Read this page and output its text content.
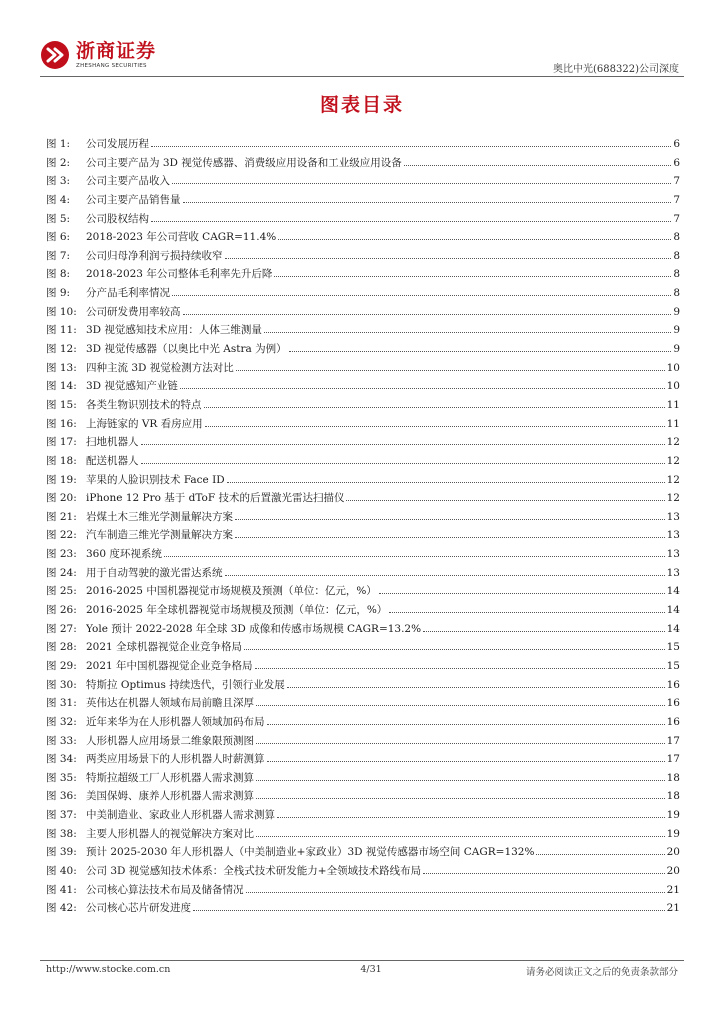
浙商证券
ZHESHANG SECURITIES	奥比中光(688322)公司深度
图表目录
图 1:	公司发展历程	6
图 2:	公司主要产品为 3D 视觉传感器、消费级应用设备和工业级应用设备	6
图 3:	公司主要产品收入	7
图 4:	公司主要产品销售量	7
图 5:	公司股权结构	7
图 6:	2018-2023 年公司营收 CAGR=11.4%	8
图 7:	公司归母净利润亏损持续收窄	8
图 8:	2018-2023 年公司整体毛利率先升后降	8
图 9:	分产品毛利率情况	8
图 10: 公司研发费用率较高	9
图 11: 3D 视觉感知技术应用：人体三维测量	9
图 12: 3D 视觉传感器（以奥比中光 Astra 为例）	9
图 13: 四种主流 3D 视觉检测方法对比	10
图 14: 3D 视觉感知产业链	10
图 15: 各类生物识别技术的特点	11
图 16: 上海链家的 VR 看房应用	11
图 17: 扫地机器人	12
图 18: 配送机器人	12
图 19: 苹果的人脸识别技术 Face ID	12
图 20: iPhone 12 Pro 基于 dToF 技术的后置激光雷达扫描仪	12
图 21: 岩煤土木三维光学测量解决方案	13
图 22: 汽车制造三维光学测量解决方案	13
图 23: 360 度环视系统	13
图 24: 用于自动驾驶的激光雷达系统	13
图 25: 2016-2025 中国机器视觉市场规模及预测（单位：亿元，%）	14
图 26: 2016-2025 年全球机器视觉市场规模及预测（单位：亿元，%）	14
图 27: Yole 预计 2022-2028 年全球 3D 成像和传感市场规模 CAGR=13.2%	14
图 28: 2021 全球机器视觉企业竞争格局	15
图 29: 2021 年中国机器视觉企业竞争格局	15
图 30: 特斯拉 Optimus 持续迭代，引领行业发展	16
图 31: 英伟达在机器人领域布局前瞻且深厚	16
图 32: 近年来华为在人形机器人领域加码布局	16
图 33: 人形机器人应用场景二维象限预测图	17
图 34: 两类应用场景下的人形机器人时薪测算	17
图 35: 特斯拉超级工厂人形机器人需求测算	18
图 36: 美国保姆、康养人形机器人需求测算	18
图 37: 中美制造业、家政业人形机器人需求测算	19
图 38: 主要人形机器人的视觉解决方案对比	19
图 39: 预计 2025-2030 年人形机器人（中美制造业+家政业）3D 视觉传感器市场空间 CAGR=132%	20
图 40: 公司 3D 视觉感知技术体系：全栈式技术研发能力+全领域技术路线布局	20
图 41: 公司核心算法技术布局及储备情况	21
图 42: 公司核心芯片研发进度	21
http://www.stocke.com.cn	4/31	请务必阅读正文之后的免责条款部分
